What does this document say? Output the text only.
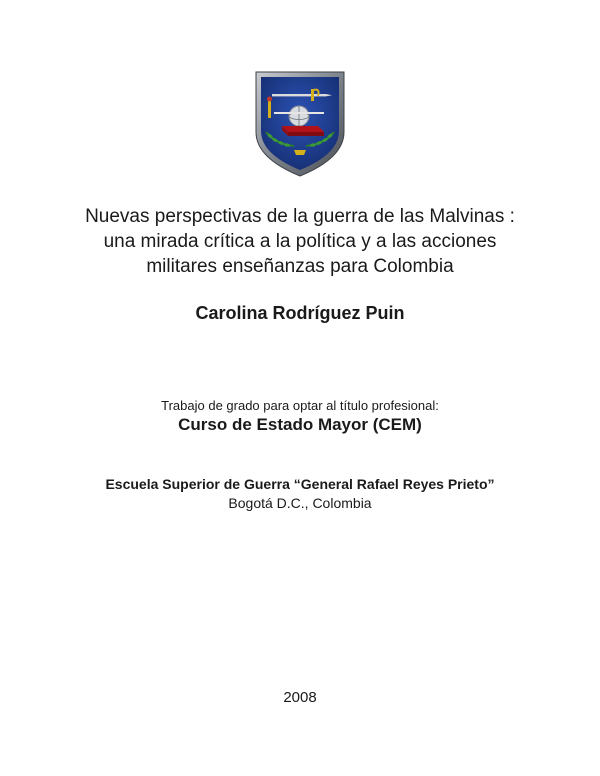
Nuevas perspectivas de la guerra de las Malvinas :
una mirada crítica a la política y a las acciones
militares enseñanzas para Colombia
Carolina Rodríguez Puin
Trabajo de grado para optar al título profesional:
Curso de Estado Mayor (CEM)
Escuela Superior de Guerra “General Rafael Reyes Prieto”
Bogotá D.C., Colombia
2008
